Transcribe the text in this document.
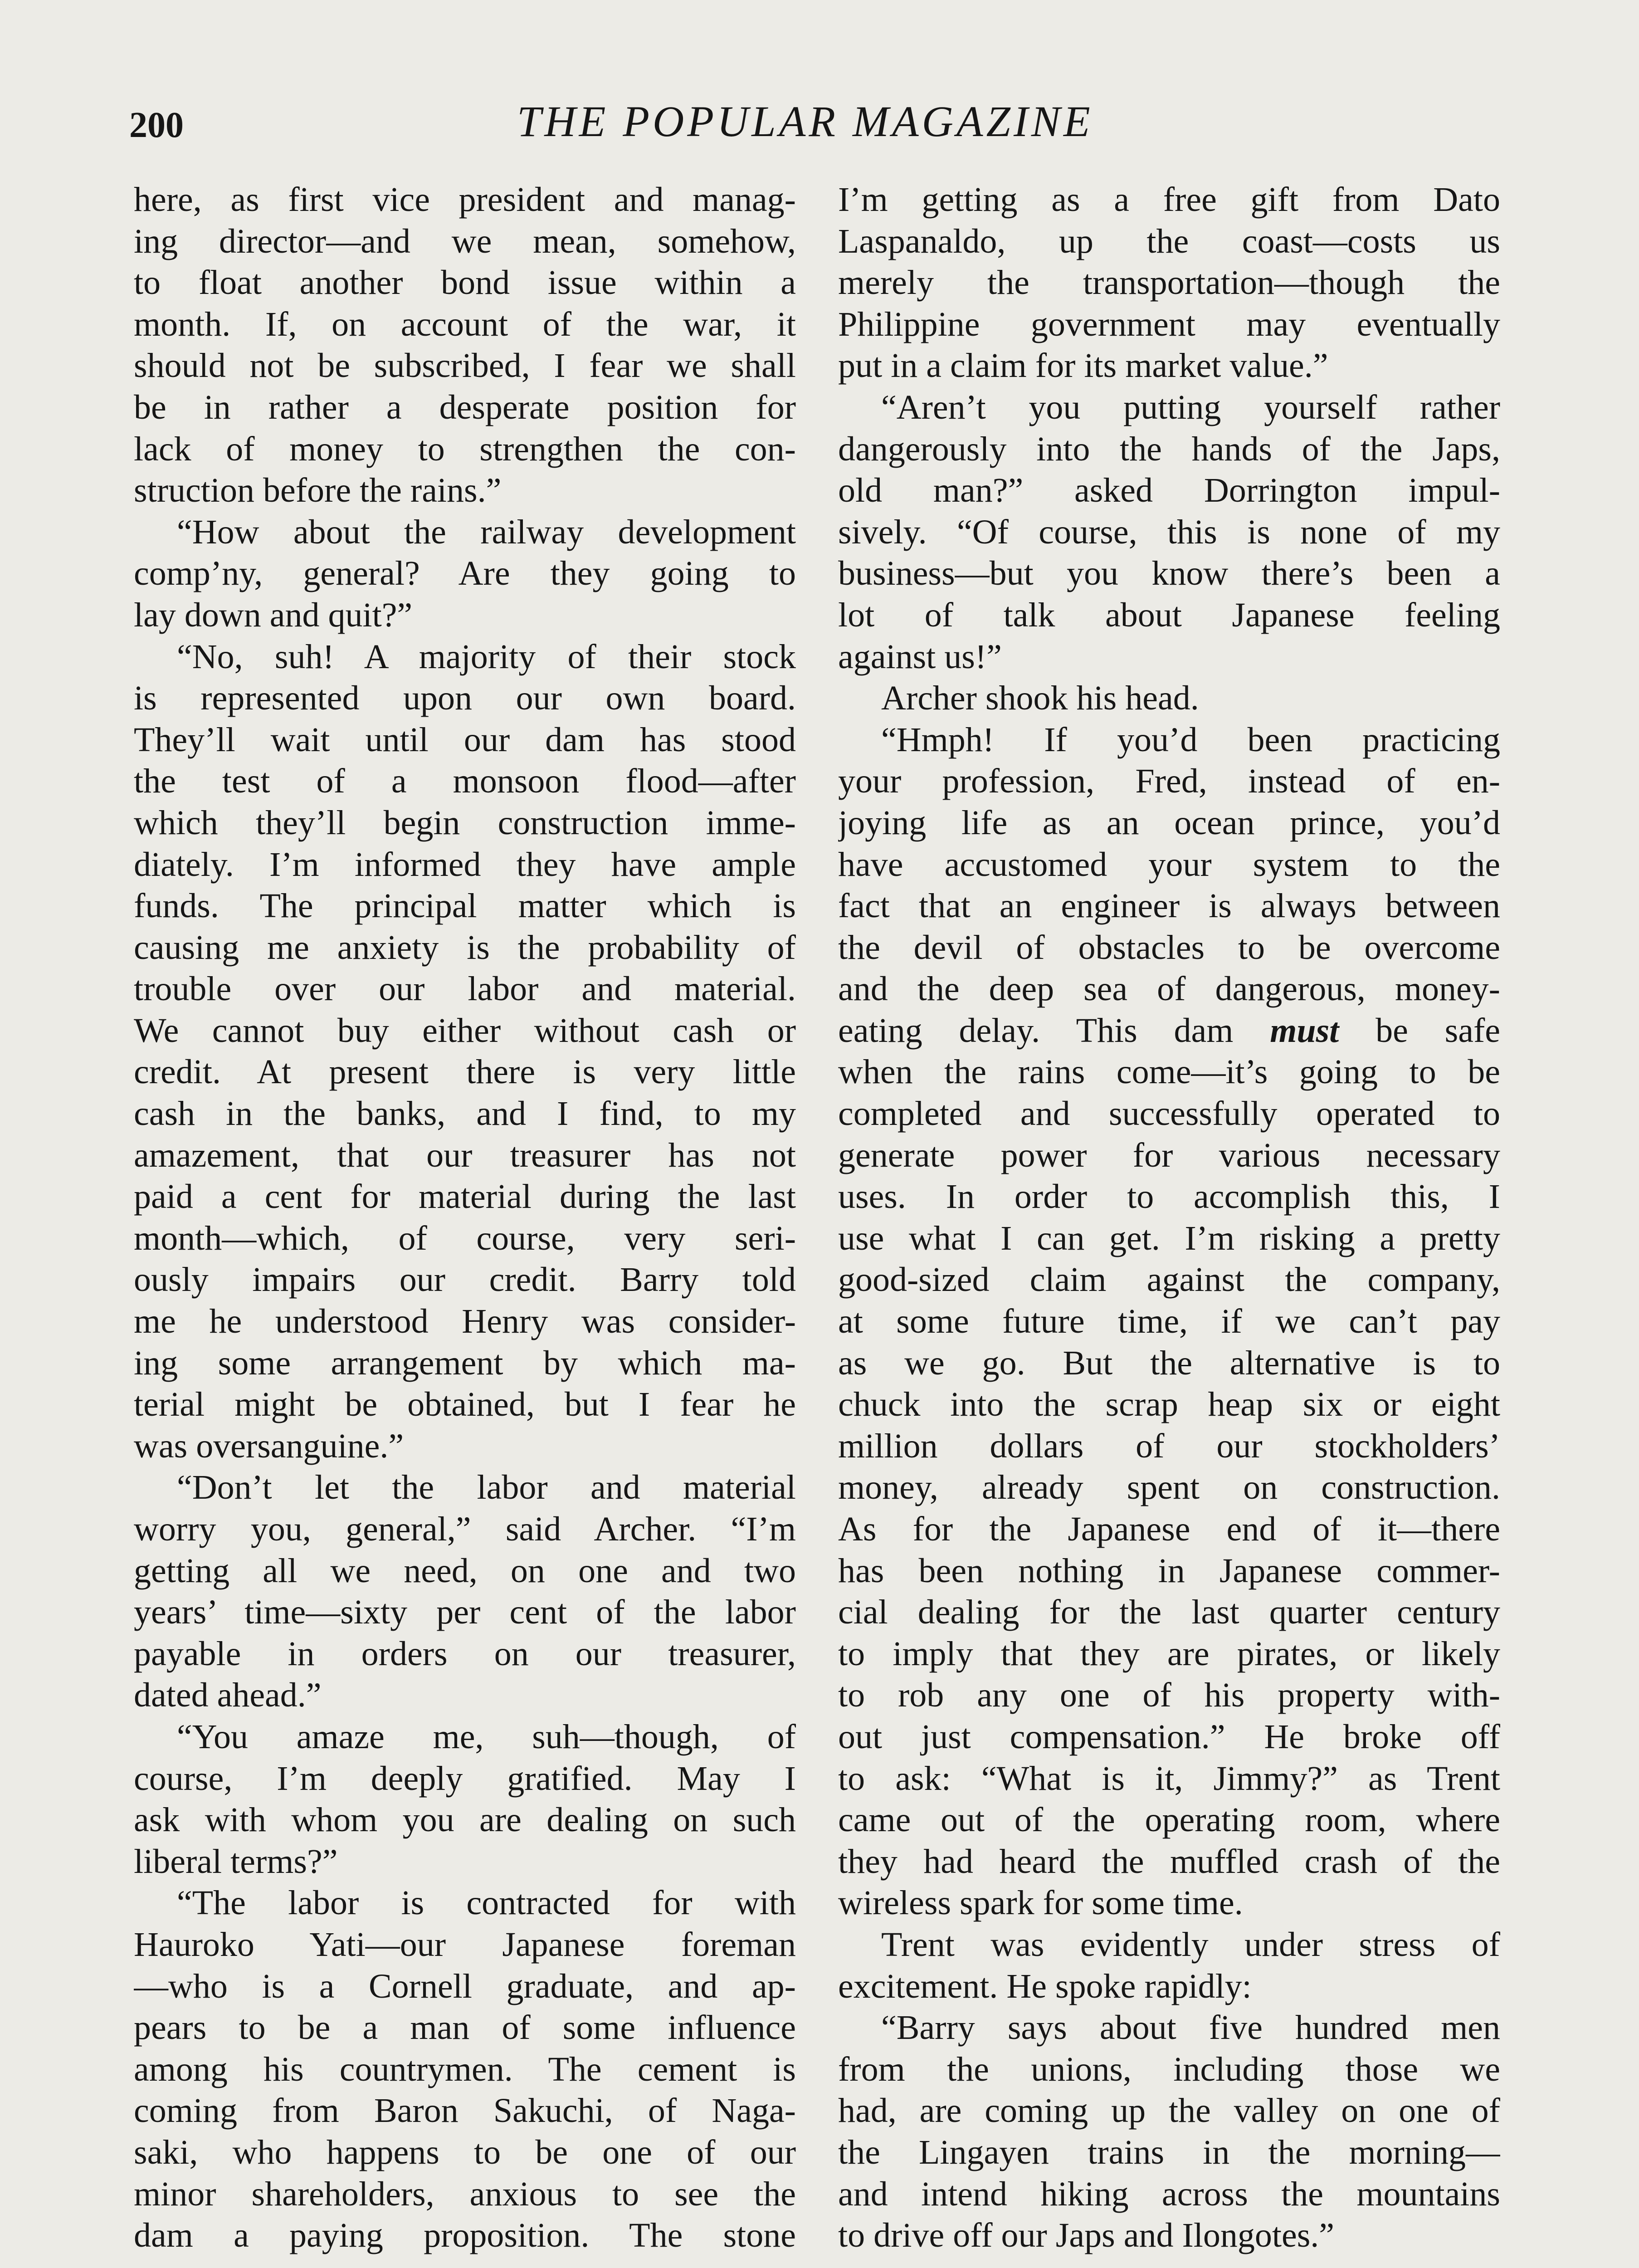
200	THE POPULAR MAGAZINE
here, as first vice president and manag-
ing director—and we mean, somehow,
to float another bond issue within a
month. If, on account of the war, it
should not be subscribed, I fear we shall
be in rather a desperate position for
lack of money to strengthen the con-
struction before the rains.”
“How about the railway development
comp’ny, general? Are they going to
lay down and quit?”
“No, suh! A majority of their stock
is represented upon our own board.
They’ll wait until our dam has stood
the test of a monsoon flood—after
which they’ll begin construction imme-
diately. I’m informed they have ample
funds. The principal matter which is
causing me anxiety is the probability of
trouble over our labor and material.
We cannot buy either without cash or
credit. At present there is very little
cash in the banks, and I find, to my
amazement, that our treasurer has not
paid a cent for material during the last
month—which, of course, very seri-
ously impairs our credit. Barry told
me he understood Henry was consider-
ing some arrangement by which ma-
terial might be obtained, but I fear he
was oversanguine.”
“Don’t let the labor and material
worry you, general,” said Archer. “I’m
getting all we need, on one and two
years’ time—sixty per cent of the labor
payable in orders on our treasurer,
dated ahead.”
“You amaze me, suh—though, of
course, I’m deeply gratified. May I
ask with whom you are dealing on such
liberal terms?”
“The labor is contracted for with
Hauroko Yati—our Japanese foreman
—who is a Cornell graduate, and ap-
pears to be a man of some influence
among his countrymen. The cement is
coming from Baron Sakuchi, of Naga-
saki, who happens to be one of our
minor shareholders, anxious to see the
dam a paying proposition. The stone
I’m getting as a free gift from Dato
Laspanaldo, up the coast—costs us
merely the transportation—though the
Philippine government may eventually
put in a claim for its market value.”
“Aren’t you putting yourself rather
dangerously into the hands of the Japs,
old man?” asked Dorrington impul-
sively. “Of course, this is none of my
business—but you know there’s been a
lot of talk about Japanese feeling
against us!”
Archer shook his head.
“Hmph! If you’d been practicing
your profession, Fred, instead of en-
joying life as an ocean prince, you’d
have accustomed your system to the
fact that an engineer is always between
the devil of obstacles to be overcome
and the deep sea of dangerous, money-
eating delay. This dam must be safe
when the rains come—it’s going to be
completed and successfully operated to
generate power for various necessary
uses. In order to accomplish this, I
use what I can get. I’m risking a pretty
good-sized claim against the company,
at some future time, if we can’t pay
as we go. But the alternative is to
chuck into the scrap heap six or eight
million dollars of our stockholders’
money, already spent on construction.
As for the Japanese end of it—there
has been nothing in Japanese commer-
cial dealing for the last quarter century
to imply that they are pirates, or likely
to rob any one of his property with-
out just compensation.” He broke off
to ask: “What is it, Jimmy?” as Trent
came out of the operating room, where
they had heard the muffled crash of the
wireless spark for some time.
Trent was evidently under stress of
excitement. He spoke rapidly:
“Barry says about five hundred men
from the unions, including those we
had, are coming up the valley on one of
the Lingayen trains in the morning—
and intend hiking across the mountains
to drive off our Japs and Ilongotes.”
